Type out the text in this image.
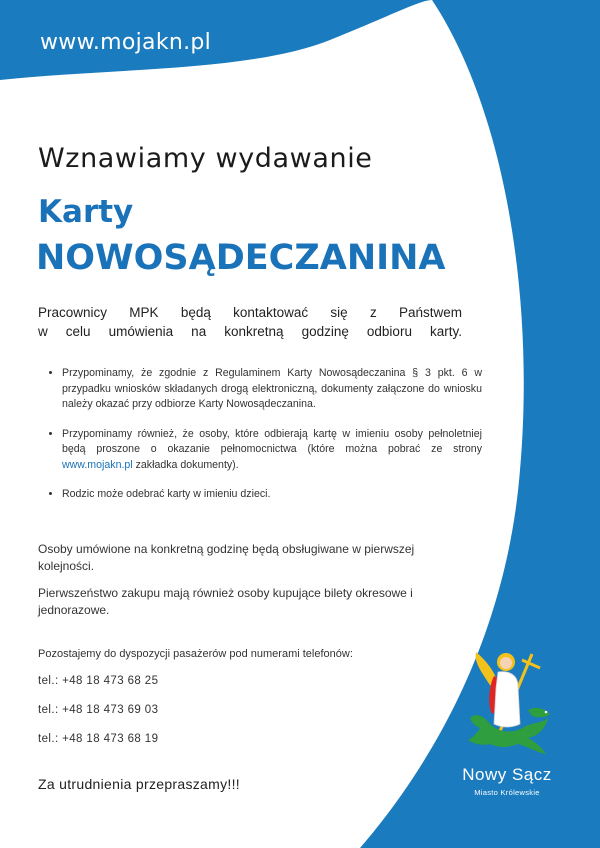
www.mojakn.pl
Wznawiamy wydawanie
Karty
NOWOSĄDECZANINA
Pracownicy MPK będą kontaktować się z Państwem
w celu umówienia na konkretną godzinę odbioru karty.
• Przypominamy, że zgodnie z Regulaminem Karty Nowosądeczanina § 3 pkt. 6 w przypadku wniosków składanych drogą elektroniczną, dokumenty załączone do wniosku należy okazać przy odbiorze Karty Nowosądeczanina.
• Przypominamy również, że osoby, które odbierają kartę w imieniu osoby pełnoletniej będą proszone o okazanie pełnomocnictwa (które można pobrać ze strony www.mojakn.pl zakładka dokumenty).
• Rodzic może odebrać karty w imieniu dzieci.
Osoby umówione na konkretną godzinę będą obsługiwane w pierwszej kolejności.
Pierwszeństwo zakupu mają również osoby kupujące bilety okresowe i jednorazowe.
Pozostajemy do dyspozycji pasażerów pod numerami telefonów:
tel.: +48 18 473 68 25
tel.: +48 18 473 69 03
tel.: +48 18 473 68 19
Za utrudnienia przepraszamy!!!	Nowy Sącz
Miasto Królewskie
